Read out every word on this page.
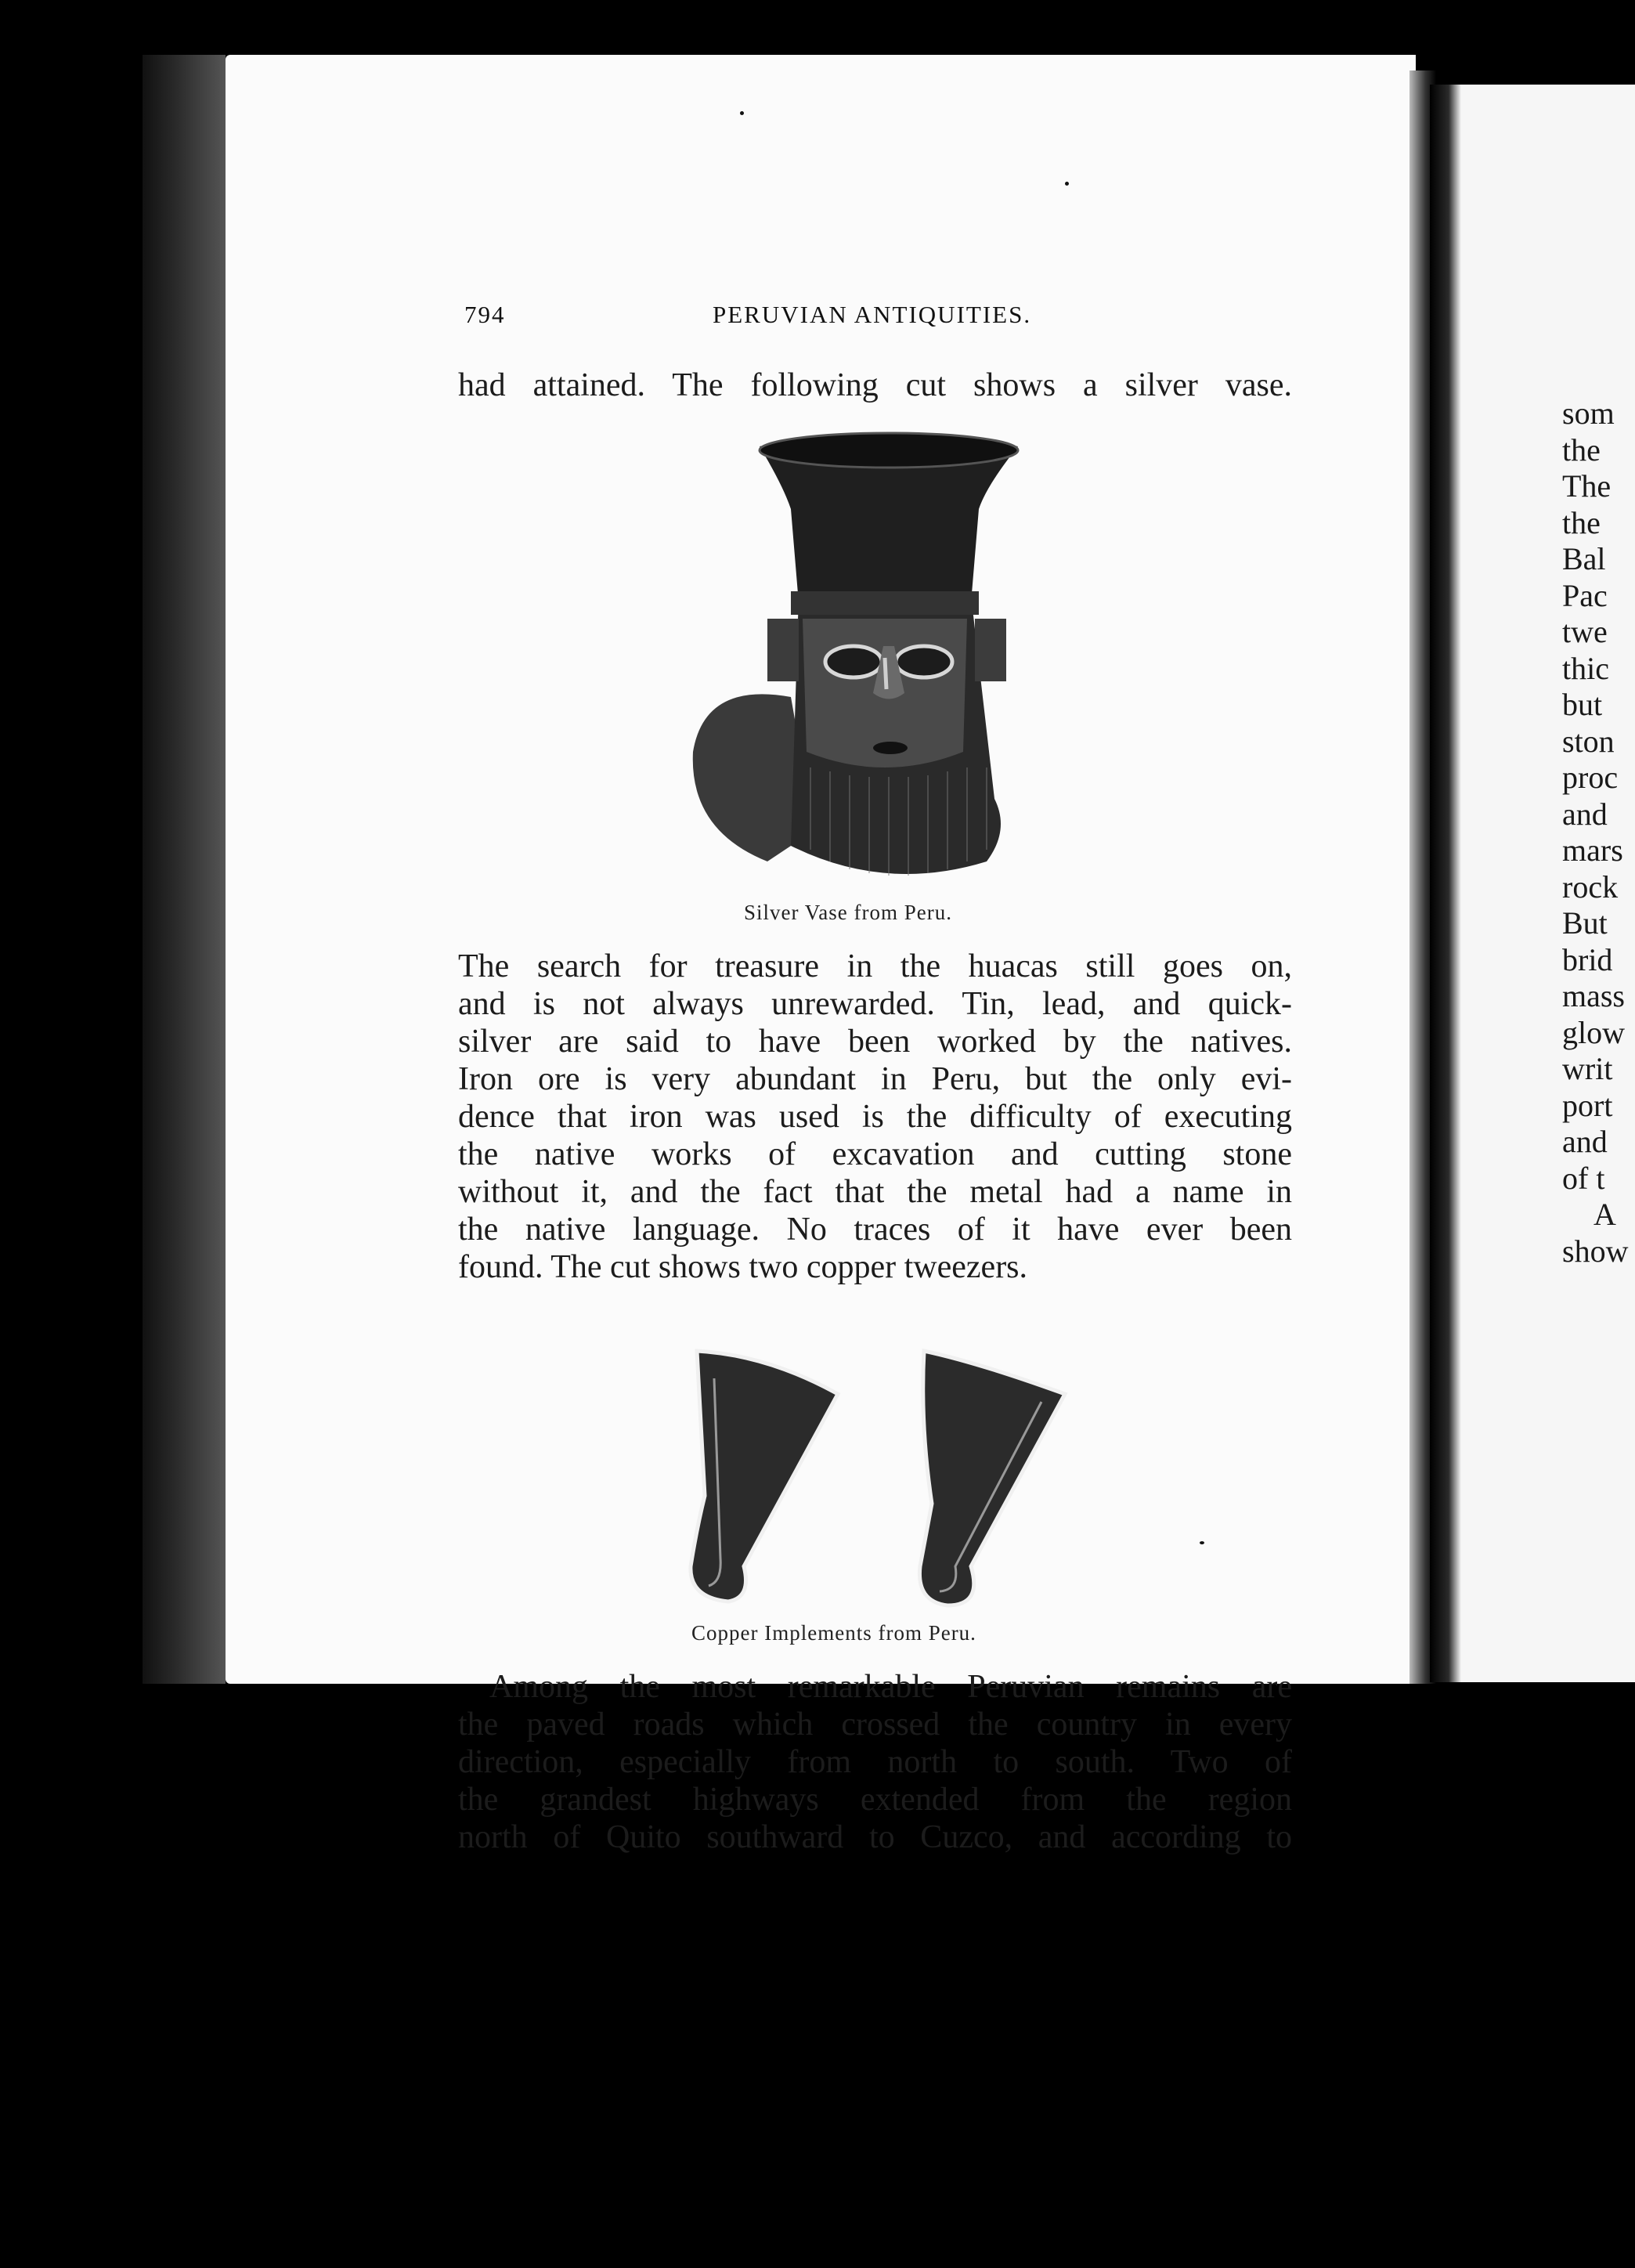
794	PERUVIAN ANTIQUITIES.
had attained. The following cut shows a silver vase.
Silver Vase from Peru.
The search for treasure in the huacas still goes on,
and is not always unrewarded. Tin, lead, and quick-
silver are said to have been worked by the natives.
Iron ore is very abundant in Peru, but the only evi-
dence that iron was used is the difficulty of executing
the native works of excavation and cutting stone
without it, and the fact that the metal had a name in
the native language. No traces of it have ever been
found. The cut shows two copper tweezers.
Copper Implements from Peru.
Among the most remarkable Peruvian remains are
the paved roads which crossed the country in every
direction, especially from north to south. Two of
the grandest highways extended from the region
north of Quito southward to Cuzco, and according to
som
the
The
the
Bal
Pac
twe
thic
but
ston
proc
and
mars
rock
But
brid
mass
glow
writ
port
and
of t
A
show
